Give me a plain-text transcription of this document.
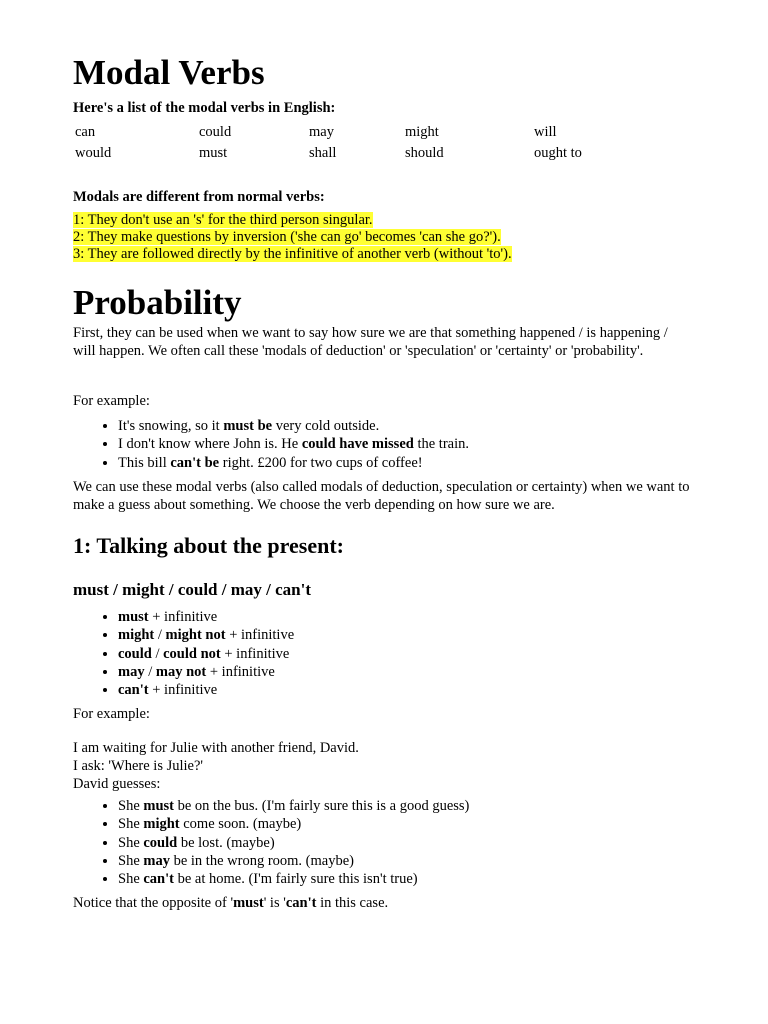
Modal Verbs

Here's a list of the modal verbs in English:

can	could	may	might	will
would	must	shall	should	ought to

Modals are different from normal verbs:

1: They don't use an 's' for the third person singular.
2: They make questions by inversion ('she can go' becomes 'can she go?').
3: They are followed directly by the infinitive of another verb (without 'to').
Probability

First, they can be used when we want to say how sure we are that something happened / is happening / will happen. We often call these 'modals of deduction' or 'speculation' or 'certainty' or 'probability'.

For example:

• It's snowing, so it must be very cold outside.
• I don't know where John is. He could have missed the train.
• This bill can't be right. £200 for two cups of coffee!

We can use these modal verbs (also called modals of deduction, speculation or certainty) when we want to make a guess about something. We choose the verb depending on how sure we are.

1: Talking about the present:
must / might / could / may / can't
• must + infinitive
• might / might not + infinitive
• could / could not + infinitive
• may / may not + infinitive
• can't + infinitive

For example:

I am waiting for Julie with another friend, David.

I ask: 'Where is Julie?'

David guesses:

• She must be on the bus. (I'm fairly sure this is a good guess)
• She might come soon. (maybe)
• She could be lost. (maybe)
• She may be in the wrong room. (maybe)
• She can't be at home. (I'm fairly sure this isn't true)

Notice that the opposite of 'must' is 'can't in this case.
